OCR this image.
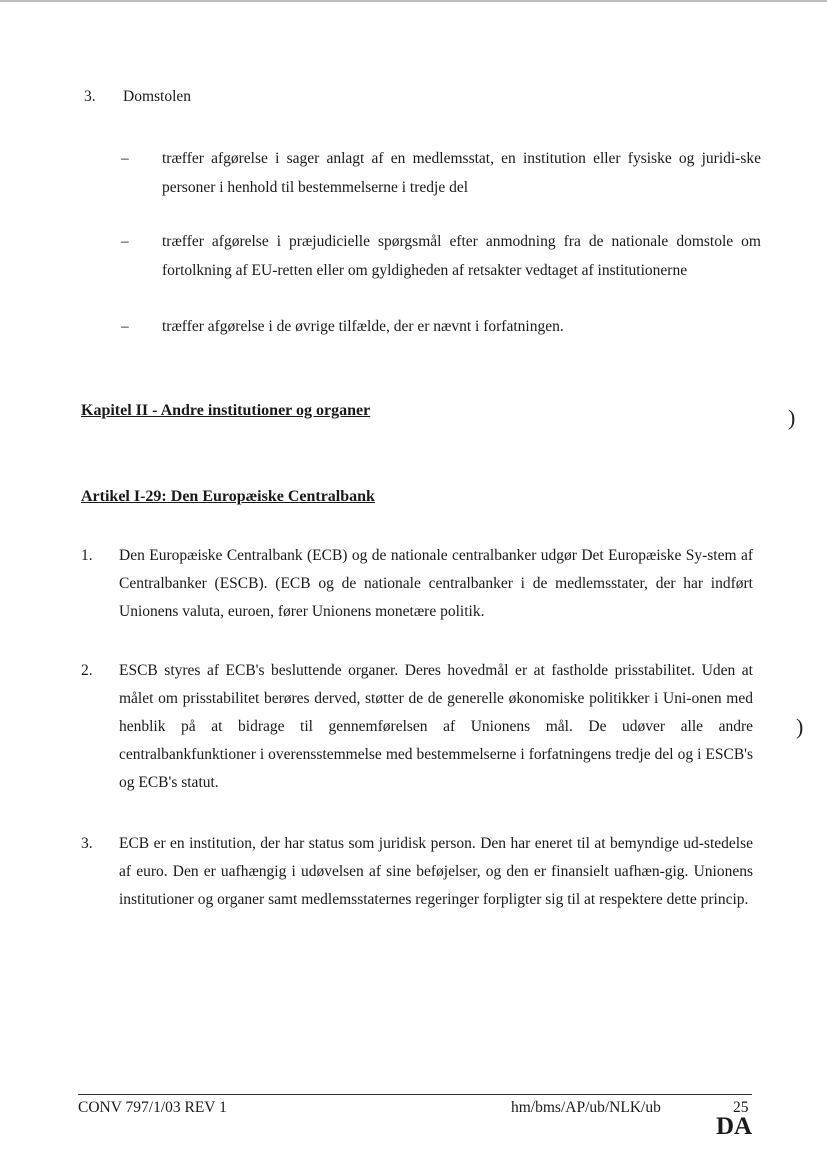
3. Domstolen
– træffer afgørelse i sager anlagt af en medlemsstat, en institution eller fysiske og juridi-ske personer i henhold til bestemmelserne i tredje del
– træffer afgørelse i præjudicielle spørgsmål efter anmodning fra de nationale domstole om fortolkning af EU-retten eller om gyldigheden af retsakter vedtaget af institutionerne
– træffer afgørelse i de øvrige tilfælde, der er nævnt i forfatningen.
Kapitel II - Andre institutioner og organer
Artikel I-29: Den Europæiske Centralbank
1. Den Europæiske Centralbank (ECB) og de nationale centralbanker udgør Det Europæiske Sy-stem af Centralbanker (ESCB). (ECB og de nationale centralbanker i de medlemsstater, der har indført Unionens valuta, euroen, fører Unionens monetære politik.
2. ESCB styres af ECB's besluttende organer. Deres hovedmål er at fastholde prisstabilitet. Uden at målet om prisstabilitet berøres derved, støtter de de generelle økonomiske politikker i Uni-onen med henblik på at bidrage til gennemførelsen af Unionens mål. De udøver alle andre centralbankfunktioner i overensstemmelse med bestemmelserne i forfatningens tredje del og i ESCB's og ECB's statut.
3. ECB er en institution, der har status som juridisk person. Den har eneret til at bemyndige ud-stedelse af euro. Den er uafhængig i udøvelsen af sine beføjelser, og den er finansielt uafhæn-gig. Unionens institutioner og organer samt medlemsstaternes regeringer forpligter sig til at respektere dette princip.
)
)
CONV 797/1/03 REV 1	hm/bms/AP/ub/NLK/ub	25
DA
